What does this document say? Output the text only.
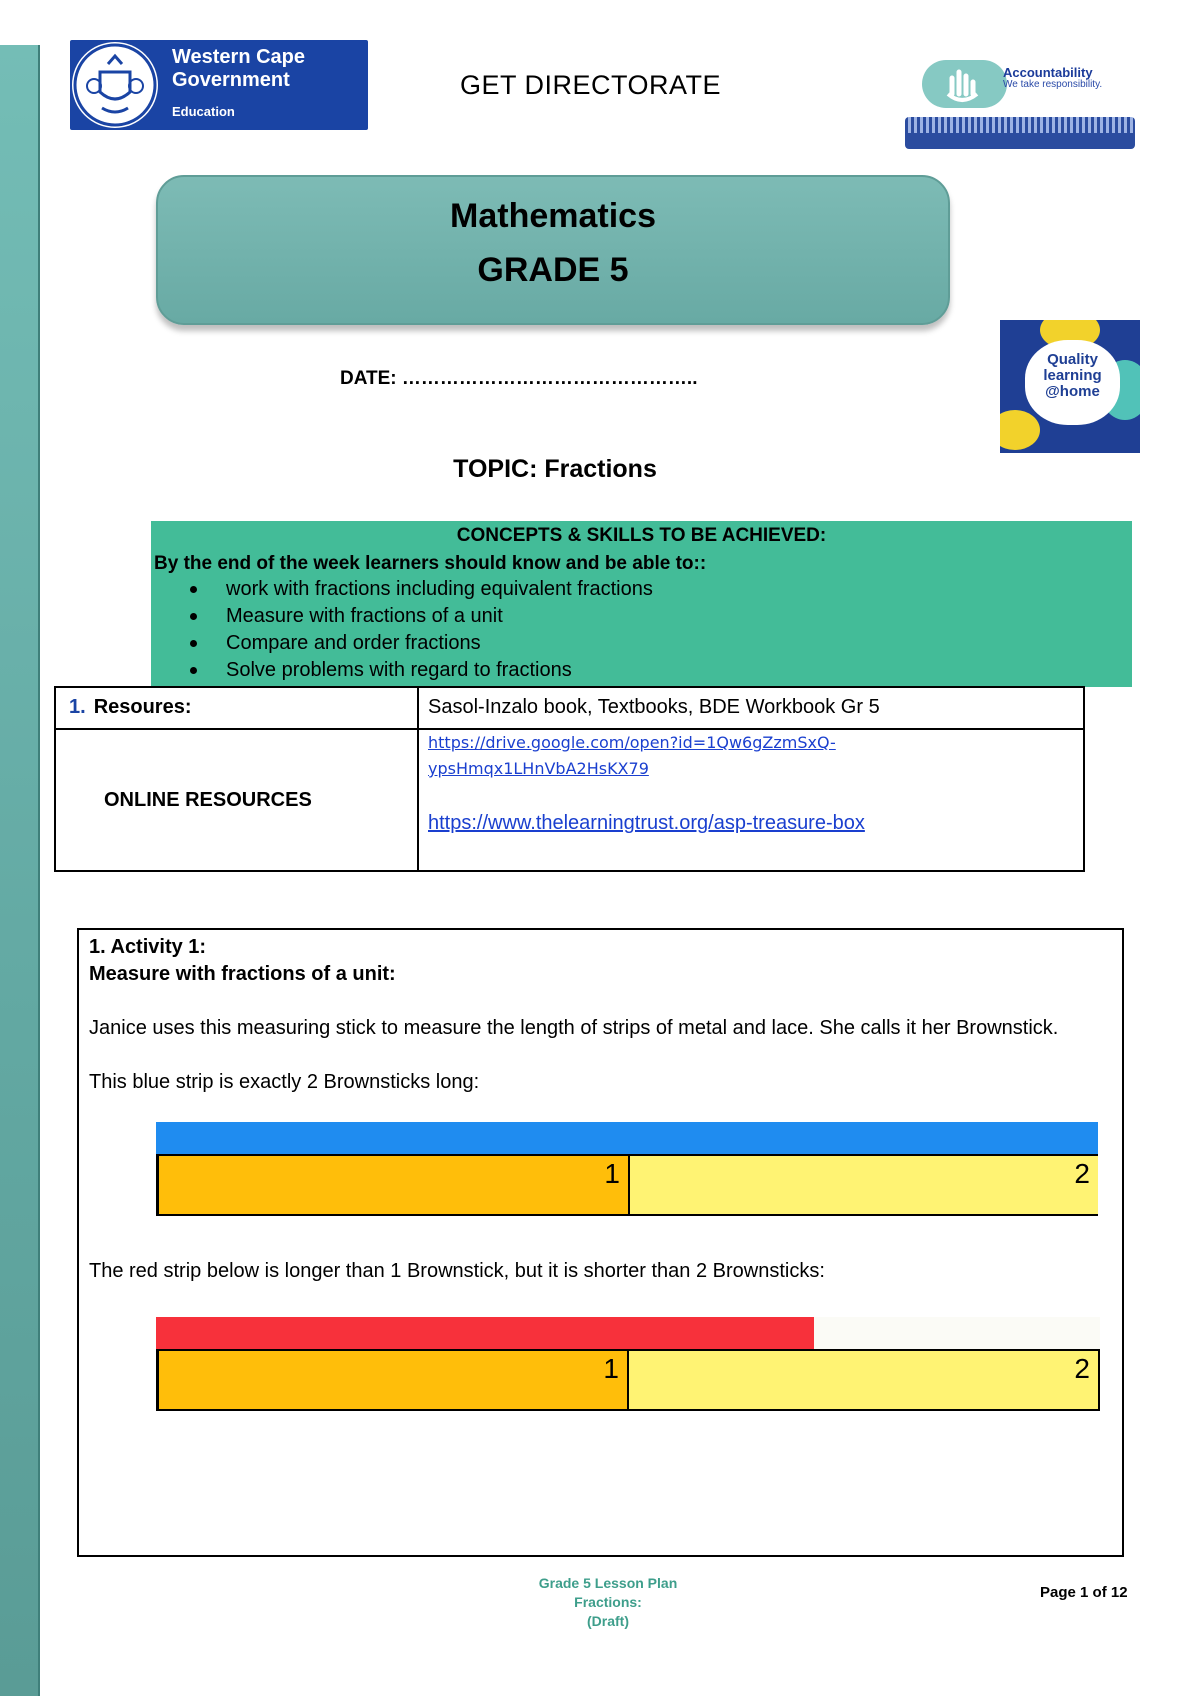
Western Cape Government
Education
GET DIRECTORATE	Accountability
We take responsibility.
Mathematics
GRADE 5
DATE: ………………………………………..
Quality learning @home
TOPIC: Fractions
CONCEPTS & SKILLS TO BE ACHIEVED:
By the end of the week learners should know and be able to::
work with fractions including equivalent fractions
Measure with fractions of a unit
Compare and order fractions
Solve problems with regard to fractions
1. Resoures:	Sasol-Inzalo book, Textbooks, BDE Workbook Gr 5
ONLINE RESOURCES	https://drive.google.com/open?id=1Qw6gZzmSxQ-
ypsHmqx1LHnVbA2HsKX79
https://www.thelearningtrust.org/asp-treasure-box
1. Activity 1:
Measure with fractions of a unit:
Janice uses this measuring stick to measure the length of strips of metal and lace. She calls it her Brownstick.
This blue strip is exactly 2 Brownsticks long:
1	2
The red strip below is longer than 1 Brownstick, but it is shorter than 2 Brownsticks:
1	2
Grade 5 Lesson Plan
Fractions:
(Draft)
Page 1 of 12
